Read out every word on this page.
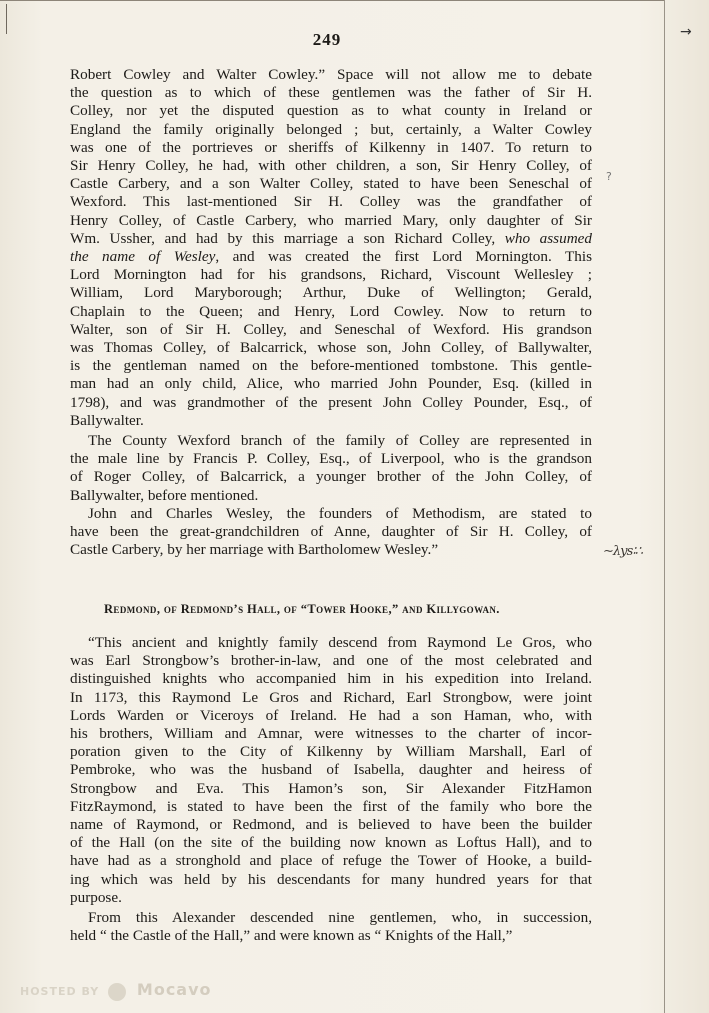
→
?
249
Robert Cowley and Walter Cowley.” Space will not allow me to debate
the question as to which of these gentlemen was the father of Sir H.
Colley, nor yet the disputed question as to what county in Ireland or
England the family originally belonged ; but, certainly, a Walter Cowley
was one of the portrieves or sheriffs of Kilkenny in 1407. To return to
Sir Henry Colley, he had, with other children, a son, Sir Henry Colley, of
Castle Carbery, and a son Walter Colley, stated to have been Seneschal of
Wexford. This last-mentioned Sir H. Colley was the grandfather of
Henry Colley, of Castle Carbery, who married Mary, only daughter of Sir
Wm. Ussher, and had by this marriage a son Richard Colley, who assumed
the name of Wesley, and was created the first Lord Mornington. This
Lord Mornington had for his grandsons, Richard, Viscount Wellesley ;
William, Lord Maryborough; Arthur, Duke of Wellington; Gerald,
Chaplain to the Queen; and Henry, Lord Cowley. Now to return to
Walter, son of Sir H. Colley, and Seneschal of Wexford. His grandson
was Thomas Colley, of Balcarrick, whose son, John Colley, of Ballywalter,
is the gentleman named on the before-mentioned tombstone. This gentle-
man had an only child, Alice, who married John Pounder, Esq. (killed in
1798), and was grandmother of the present John Colley Pounder, Esq., of
Ballywalter.
The County Wexford branch of the family of Colley are represented in
the male line by Francis P. Colley, Esq., of Liverpool, who is the grandson
of Roger Colley, of Balcarrick, a younger brother of the John Colley, of
Ballywalter, before mentioned.
John and Charles Wesley, the founders of Methodism, are stated to
have been the great-grandchildren of Anne, daughter of Sir H. Colley, of
Castle Carbery, by her marriage with Bartholomew Wesley.”	∼λуѕ∶∴
Redmond, of Redmond’s Hall, of “Tower Hooke,” and Killygowan.
“This ancient and knightly family descend from Raymond Le Gros, who
was Earl Strongbow’s brother-in-law, and one of the most celebrated and
distinguished knights who accompanied him in his expedition into Ireland.
In 1173, this Raymond Le Gros and Richard, Earl Strongbow, were joint
Lords Warden or Viceroys of Ireland. He had a son Haman, who, with
his brothers, William and Amnar, were witnesses to the charter of incor-
poration given to the City of Kilkenny by William Marshall, Earl of
Pembroke, who was the husband of Isabella, daughter and heiress of
Strongbow and Eva. This Hamon’s son, Sir Alexander FitzHamon
FitzRaymond, is stated to have been the first of the family who bore the
name of Raymond, or Redmond, and is believed to have been the builder
of the Hall (on the site of the building now known as Loftus Hall), and to
have had as a stronghold and place of refuge the Tower of Hooke, a build-
ing which was held by his descendants for many hundred years for that
purpose.
From this Alexander descended nine gentlemen, who, in succession,
held “ the Castle of the Hall,” and were known as “ Knights of the Hall,”
HOSTED BY Mocavo
